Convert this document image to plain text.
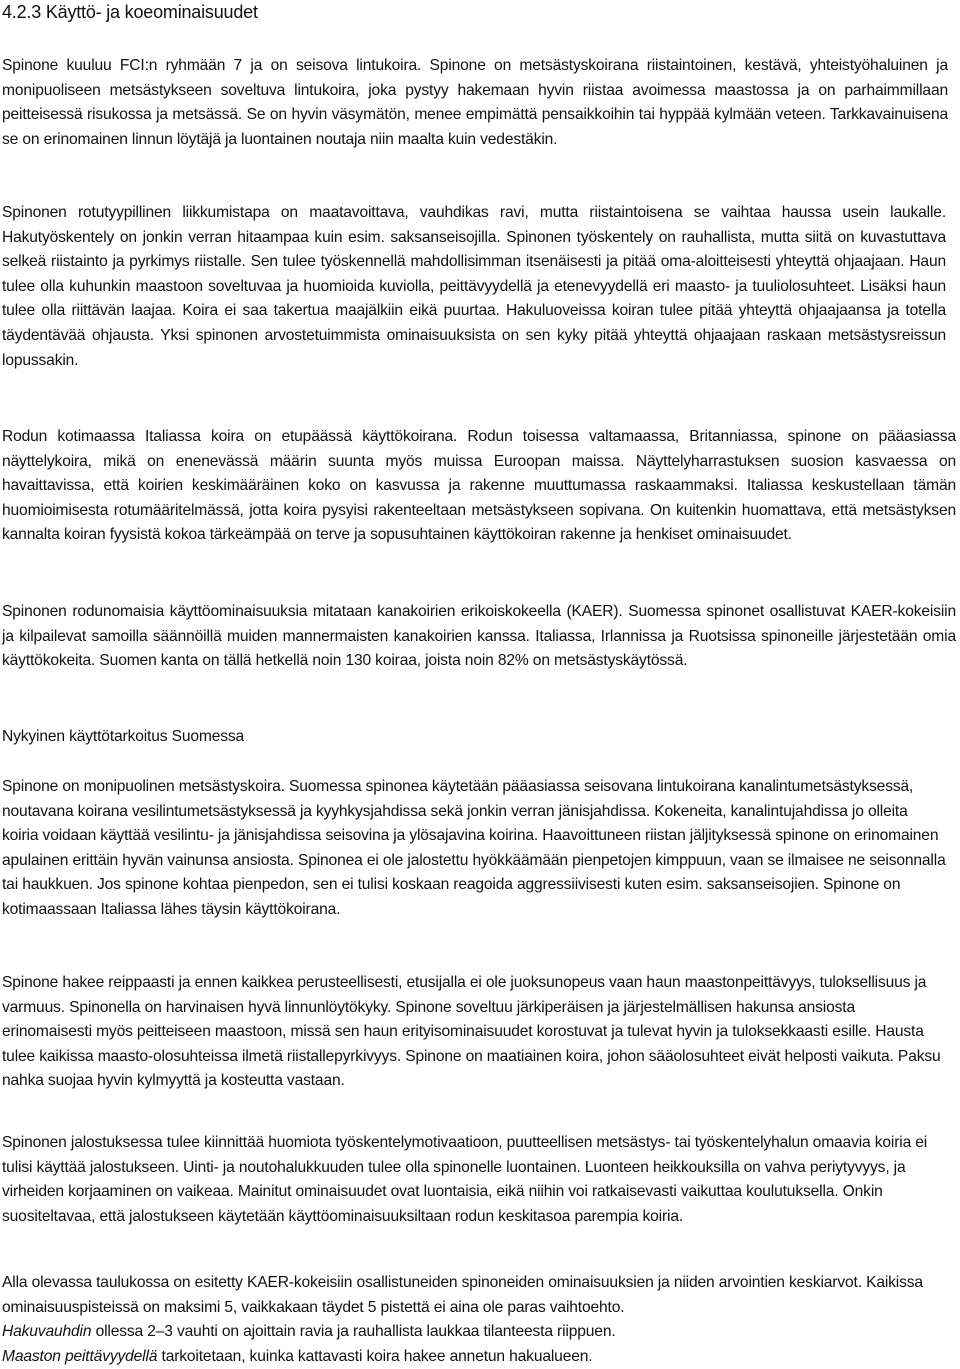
4.2.3 Käyttö- ja koeominaisuudet

Spinone kuuluu FCI:n ryhmään 7 ja on seisova lintukoira. Spinone on metsästyskoirana riistaintoinen, kestävä, yhteistyöhaluinen ja monipuoliseen metsästykseen soveltuva lintukoira, joka pystyy hakemaan hyvin riistaa avoimessa maastossa ja on parhaimmillaan peitteisessä risukossa ja metsässä. Se on hyvin väsymätön, menee empimättä pensaikkoihin tai hyppää kylmään veteen. Tarkkavainuisena se on erinomainen linnun löytäjä ja luontainen noutaja niin maalta kuin vedestäkin.

Spinonen rotutyypillinen liikkumistapa on maatavoittava, vauhdikas ravi, mutta riistaintoisena se vaihtaa haussa usein laukalle. Hakutyöskentely on jonkin verran hitaampaa kuin esim. saksanseisojilla. Spinonen työskentely on rauhallista, mutta siitä on kuvastuttava selkeä riistainto ja pyrkimys riistalle. Sen tulee työskennellä mahdollisimman itsenäisesti ja pitää oma-aloitteisesti yhteyttä ohjaajaan. Haun tulee olla kuhunkin maastoon soveltuvaa ja huomioida kuviolla, peittävyydellä ja etenevyydellä eri maasto- ja tuuliolosuhteet. Lisäksi haun tulee olla riittävän laajaa. Koira ei saa takertua maajälkiin eikä puurtaa. Hakuluoveissa koiran tulee pitää yhteyttä ohjaajaansa ja totella täydentävää ohjausta. Yksi spinonen arvostetuimmista ominaisuuksista on sen kyky pitää yhteyttä ohjaajaan raskaan metsästysreissun lopussakin.

Rodun kotimaassa Italiassa koira on etupäässä käyttökoiranа. Rodun toisessa valtamaassa, Britanniassa, spinone on pääasiassa näyttelykoira, mikä on enenevässä määrin suunta myös muissa Euroopan maissa. Näyttelyharrastuksen suosion kasvaessa on havaittavissa, että koirien keskimääräinen koko on kasvussa ja rakenne muuttumassa raskaammaksi. Italiassa keskustellaan tämän huomioimisesta rotumääritelmässä, jotta koira pysyisi rakenteeltaan metsästykseen sopivana. On kuitenkin huomattava, että metsästyksen kannalta koiran fyysistä kokoa tärkeämpää on terve ja sopusuhtainen käyttökoiran rakenne ja henkiset ominaisuudet.

Spinonen rodunomaisia käyttöominaisuuksia mitataan kanakoirien erikoiskokeella (KAER). Suomessa spinonet osallistuvat KAER-kokeisiin ja kilpailevat samoilla säännöillä muiden mannermaisten kanakoirien kanssa. Italiassa, Irlannissa ja Ruotsissa spinoneille järjestetään omia käyttökokeita. Suomen kanta on tällä hetkellä noin 130 koiraa, joista noin 82% on metsästyskäytössä.

Nykyinen käyttötarkoitus Suomessa

Spinone on monipuolinen metsästyskoira. Suomessa spinonea käytetään pääasiassa seisovana lintukoirana kanalintumetsästyksessä, noutavana koirana vesilintumetsästyksessä ja kyyhkysjahdissa sekä jonkin verran jänisjahdissa. Kokeneita, kanalintujahdissa jo olleita koiria voidaan käyttää vesilintu- ja jänisjahdissa seisovina ja ylösajavina koirina. Haavoittuneen riistan jäljityksessä spinone on erinomainen apulainen erittäin hyvän vainunsa ansiosta. Spinonea ei ole jalostettu hyökkäämään pienpetojen kimppuun, vaan se ilmaisee ne seisonnallа tai haukkuen. Jos spinone kohtaa pienpedon, sen ei tulisi koskaan reagoida aggressiivisesti kuten esim. saksanseisojien. Spinone on kotimaassaan Italiassa lähes täysin käyttökoirana.

Spinone hakee reippaasti ja ennen kaikkea perusteellisesti, etusijalla ei ole juoksunopeus vaan haun maastonpeittävyys, tuloksellisuus ja varmuus. Spinonella on harvinaisen hyvä linnunlöytökyky. Spinone soveltuu järkiperäisen ja järjestelmällisen hakunsa ansiosta erinomaisesti myös peitteiseen maastoon, missä sen haun erityisominaisuudet korostuvat ja tulevat hyvin ja tuloksekkaasti esille. Hausta tulee kaikissa maasto-olosuhteissa ilmetä riistallepyrkivyys. Spinone on maatiainen koira, johon sääolosuhteet eivät helposti vaikuta. Paksu nahka suojaa hyvin kylmyyttä ja kosteutta vastaan.

Spinonen jalostuksessa tulee kiinnittää huomiota työskentelymotivaatioon, puutteellisen metsästys- tai työskentelyhalun omaavia koiria ei tulisi käyttää jalostukseen. Uinti- ja noutohalukkuuden tulee olla spinonelle luontainen. Luonteen heikkouksilla on vahva periytyvyys, ja virheiden korjaaminen on vaikeaa. Mainitut ominaisuudet ovat luontaisia, eikä niihin voi ratkaisevasti vaikuttaa koulutuksella. Onkin suositeltavaa, että jalostukseen käytetään käyttöominaisuuksiltaan rodun keskitasoa parempia koiria.

Alla olevassa taulukossa on esitetty KAER-kokeisiin osallistuneiden spinoneiden ominaisuuksien ja niiden arvointien keskiarvot. Kaikissa ominaisuuspisteissä on maksimi 5, vaikkakaan täydet 5 pistettä ei aina ole paras vaihtoehto.
Hakuvauhdin ollessa 2–3 vauhti on ajoittain ravia ja rauhallista laukkaa tilanteesta riippuen.
Maaston peittävyydellä tarkoitetaan, kuinka kattavasti koira hakee annetun hakualueen.
